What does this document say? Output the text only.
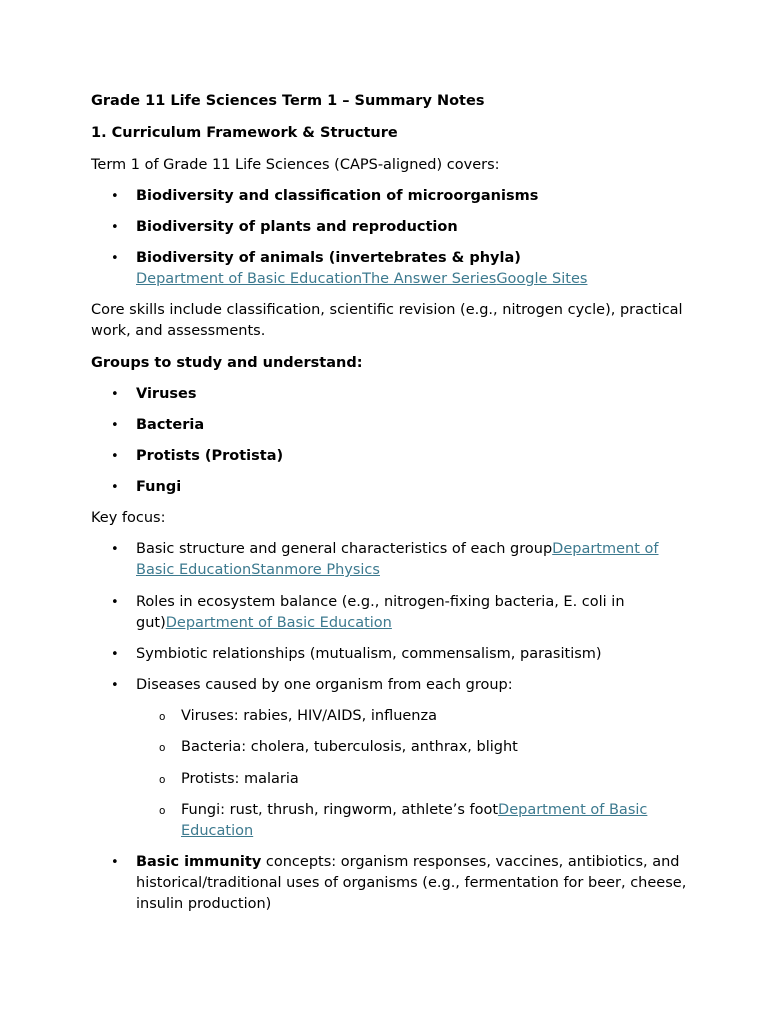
Grade 11 Life Sciences Term 1 – Summary Notes

1. Curriculum Framework & Structure

Term 1 of Grade 11 Life Sciences (CAPS-aligned) covers:

• Biodiversity and classification of microorganisms
• Biodiversity of plants and reproduction
• Biodiversity of animals (invertebrates & phyla)
Department of Basic EducationThe Answer SeriesGoogle Sites

Core skills include classification, scientific revision (e.g., nitrogen cycle), practical work, and assessments.

Groups to study and understand:

• Viruses
• Bacteria
• Protists (Protista)
• Fungi

Key focus:

• Basic structure and general characteristics of each groupDepartment of Basic EducationStanmore Physics
• Roles in ecosystem balance (e.g., nitrogen-fixing bacteria, E. coli in gut)Department of Basic Education
• Symbiotic relationships (mutualism, commensalism, parasitism)
• Diseases caused by one organism from each group:
o Viruses: rabies, HIV/AIDS, influenza
o Bacteria: cholera, tuberculosis, anthrax, blight
o Protists: malaria
o Fungi: rust, thrush, ringworm, athlete’s footDepartment of Basic Education
• Basic immunity concepts: organism responses, vaccines, antibiotics, and historical/traditional uses of organisms (e.g., fermentation for beer, cheese, insulin production)
